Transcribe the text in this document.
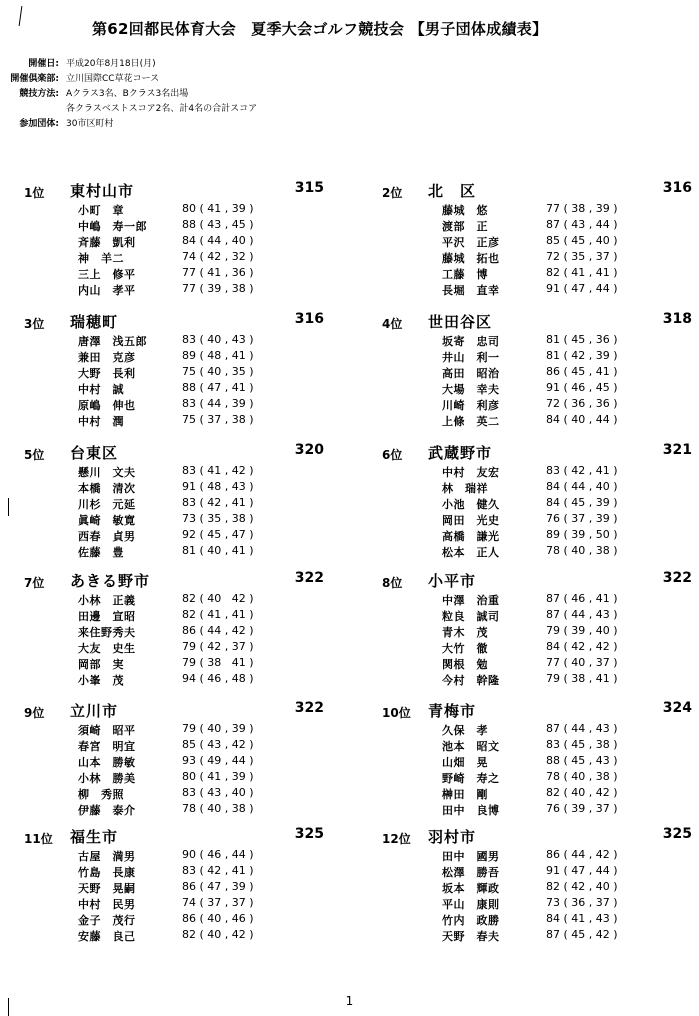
第62回都民体育大会　夏季大会ゴルフ競技会 【男子団体成績表】
開催日 :	平成20年8月18日(月)
開催倶楽部 :	立川国際CC草花コース
競技方法 :	Aクラス3名、Bクラス3名出場
各クラスベストスコア2名、計4名の合計スコア
参加団体 :	30市区町村
1位 東村山市	315
小町　章	80 ( 41 , 39 )
中嶋　寿一郎	88 ( 43 , 45 )
斉藤　凱利	84 ( 44 , 40 )
神　羊二	74 ( 42 , 32 )
三上　修平	77 ( 41 , 36 )
内山　孝平	77 ( 39 , 38 )
2位 北　区	316
藤城　悠	77 ( 38 , 39 )
渡部　正	87 ( 43 , 44 )
平沢　正彦	85 ( 45 , 40 )
藤城　拓也	72 ( 35 , 37 )
工藤　博	82 ( 41 , 41 )
長堀　直幸	91 ( 47 , 44 )
3位 瑞穂町	316
唐澤　浅五郎	83 ( 40 , 43 )
兼田　克彦	89 ( 48 , 41 )
大野　長利	75 ( 40 , 35 )
中村　誠	88 ( 47 , 41 )
原嶋　伸也	83 ( 44 , 39 )
中村　潤	75 ( 37 , 38 )
4位 世田谷区	318
坂寄　忠司	81 ( 45 , 36 )
井山　利一	81 ( 42 , 39 )
高田　昭治	86 ( 45 , 41 )
大場　幸夫	91 ( 46 , 45 )
川崎　利彦	72 ( 36 , 36 )
上條　英二	84 ( 40 , 44 )
5位 台東区	320
懸川　文夫	83 ( 41 , 42 )
本橋　清次	91 ( 48 , 43 )
川杉　元延	83 ( 42 , 41 )
眞崎　敏寛	73 ( 35 , 38 )
西春　貞男	92 ( 45 , 47 )
佐藤　豊	81 ( 40 , 41 )
6位 武蔵野市	321
中村　友宏	83 ( 42 , 41 )
林　瑞祥	84 ( 44 , 40 )
小池　健久	84 ( 45 , 39 )
岡田　光史	76 ( 37 , 39 )
高橋　謙光	89 ( 39 , 50 )
松本　正人	78 ( 40 , 38 )
7位 あきる野市	322
小林　正義	82 ( 40   42 )
田邊　宣昭	82 ( 41 , 41 )
来住野秀夫	86 ( 44 , 42 )
大友　史生	79 ( 42 , 37 )
岡部　実	79 ( 38   41 )
小峯　茂	94 ( 46 , 48 )
8位 小平市	322
中澤　治重	87 ( 46 , 41 )
粒良　誠司	87 ( 44 , 43 )
青木　茂	79 ( 39 , 40 )
大竹　徹	84 ( 42 , 42 )
関根　勉	77 ( 40 , 37 )
今村　幹隆	79 ( 38 , 41 )
9位 立川市	322
須崎　昭平	79 ( 40 , 39 )
春宮　明宜	85 ( 43 , 42 )
山本　勝敏	93 ( 49 , 44 )
小林　勝美	80 ( 41 , 39 )
柳　秀照	83 ( 43 , 40 )
伊藤　泰介	78 ( 40 , 38 )
10位 青梅市	324
久保　孝	87 ( 44 , 43 )
池本　昭文	83 ( 45 , 38 )
山畑　晃	88 ( 45 , 43 )
野崎　寿之	78 ( 40 , 38 )
榊田　剛	82 ( 40 , 42 )
田中　良博	76 ( 39 , 37 )
11位 福生市	325
古屋　満男	90 ( 46 , 44 )
竹島　長康	83 ( 42 , 41 )
天野　晃嗣	86 ( 47 , 39 )
中村　民男	74 ( 37 , 37 )
金子　茂行	86 ( 40 , 46 )
安藤　良己	82 ( 40 , 42 )
12位 羽村市	325
田中　國男	86 ( 44 , 42 )
松澤　勝吾	91 ( 47 , 44 )
坂本　輝政	82 ( 42 , 40 )
平山　康則	73 ( 36 , 37 )
竹内　政勝	84 ( 41 , 43 )
天野　春夫	87 ( 45 , 42 )
1
